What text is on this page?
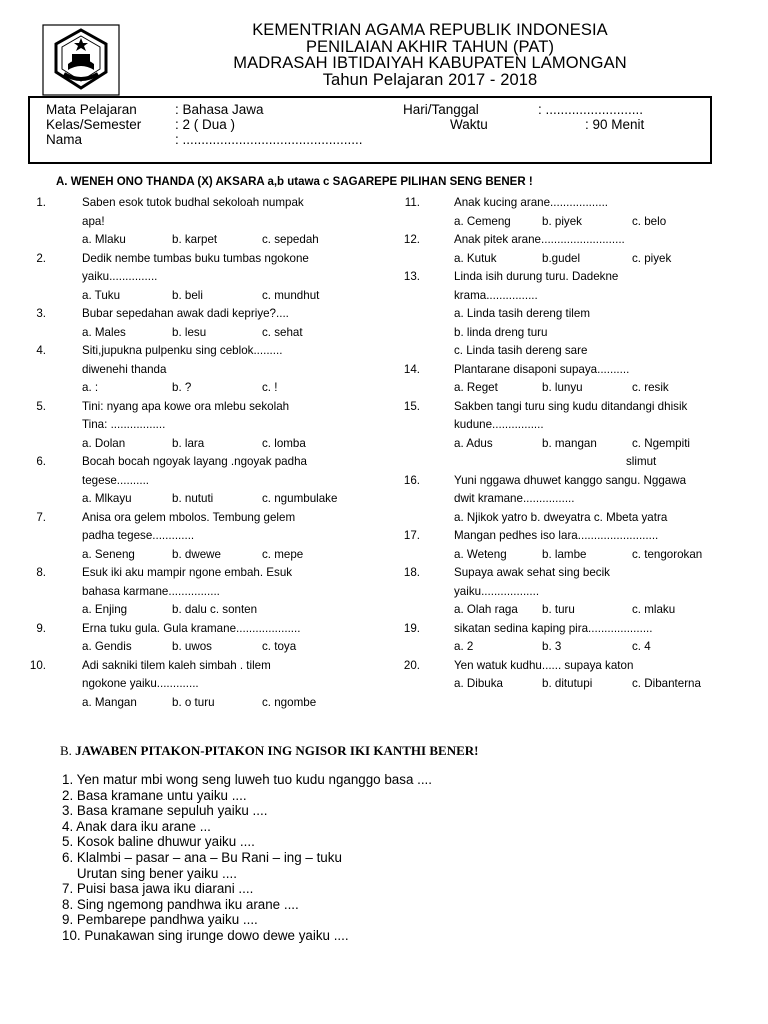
KEMENTRIAN AGAMA REPUBLIK INDONESIA
PENILAIAN AKHIR TAHUN (PAT)
MADRASAH IBTIDAIYAH KABUPATEN LAMONGAN
Tahun Pelajaran 2017 - 2018
Mata Pelajaran	: Bahasa Jawa
Kelas/Semester : 2 ( Dua )
Nama	: ................................................
Hari/Tanggal	: ..........................
Waktu	: 90 Menit
A. WENEH ONO THANDA (X) AKSARA a,b utawa c SAGAREPE PILIHAN SENG BENER !
1.	Saben esok tutok budhal sekoloah numpak
apa!
a. Mlaku	b. karpet	c. sepedah
2.	Dedik nembe tumbas buku tumbas ngokone
yaiku...............
a. Tuku	b. beli	c. mundhut
3.	Bubar sepedahan awak dadi kepriye?....
a. Males	b. lesu	c. sehat
4.	Siti,jupukna pulpenku sing ceblok.........
diwenehi thanda
a. :	b. ?	c. !
5.	Tini: nyang apa kowe ora mlebu sekolah
Tina: .................
a. Dolan	b. lara	c. lomba
6.	Bocah bocah ngoyak layang .ngoyak padha
tegese..........
a. Mlkayu	b. nututi	c. ngumbulake
7.	Anisa ora gelem mbolos. Tembung gelem
padha tegese.............
a. Seneng	b. dwewe	c. mepe
8.	Esuk iki aku mampir ngone embah. Esuk
bahasa karmane................
a. Enjing	b. dalu c. sonten
9.	Erna tuku gula. Gula kramane....................
a. Gendis	b. uwos	c. toya
10.	Adi sakniki tilem kaleh simbah . tilem
ngokone yaiku.............
a. Mangan	b. o turu	c. ngombe
11.	Anak kucing arane..................
a. Cemeng	b. piyek	c. belo
12.	Anak pitek arane..........................
a. Kutuk	b.gudel	c. piyek
13.	Linda isih durung turu. Dadekne
krama................
a. Linda tasih dereng tilem
b. linda dreng turu
c. Linda tasih dereng sare
14.	Plantarane disaponi supaya..........
a. Reget	b. lunyu	c. resik
15.	Sakben tangi turu sing kudu ditandangi dhisik
kudune................
a. Adus	b. mangan	c. Ngempiti
slimut
16.	Yuni nggawa dhuwet kanggo sangu. Nggawa
dwit kramane................
a. Njikok yatro b. dweyatra c. Mbeta yatra
17.	Mangan pedhes iso lara.........................
a. Weteng	b. lambe	c. tengorokan
18.	Supaya awak sehat sing becik
yaiku..................
a. Olah raga b. turu	c. mlaku
19.	sikatan sedina kaping pira....................
a. 2	b. 3	c. 4
20.	Yen watuk kudhu...... supaya katon
a. Dibuka	b. ditutupi	c. Dibanterna
B. JAWABEN PITAKON-PITAKON ING NGISOR IKI KANTHI BENER!
1. Yen matur mbi wong seng luweh tuo kudu nganggo basa ....
2. Basa kramane untu yaiku ....
3. Basa kramane sepuluh yaiku ....
4. Anak dara iku arane ...
5. Kosok baline dhuwur yaiku ....
6. Klalmbi – pasar – ana – Bu Rani – ing – tuku
Urutan sing bener yaiku ....
7. Puisi basa jawa iku diarani ....
8. Sing ngemong pandhwa iku arane ....
9. Pembarepe pandhwa yaiku ....
10. Punakawan sing irunge dowo dewe yaiku ....
